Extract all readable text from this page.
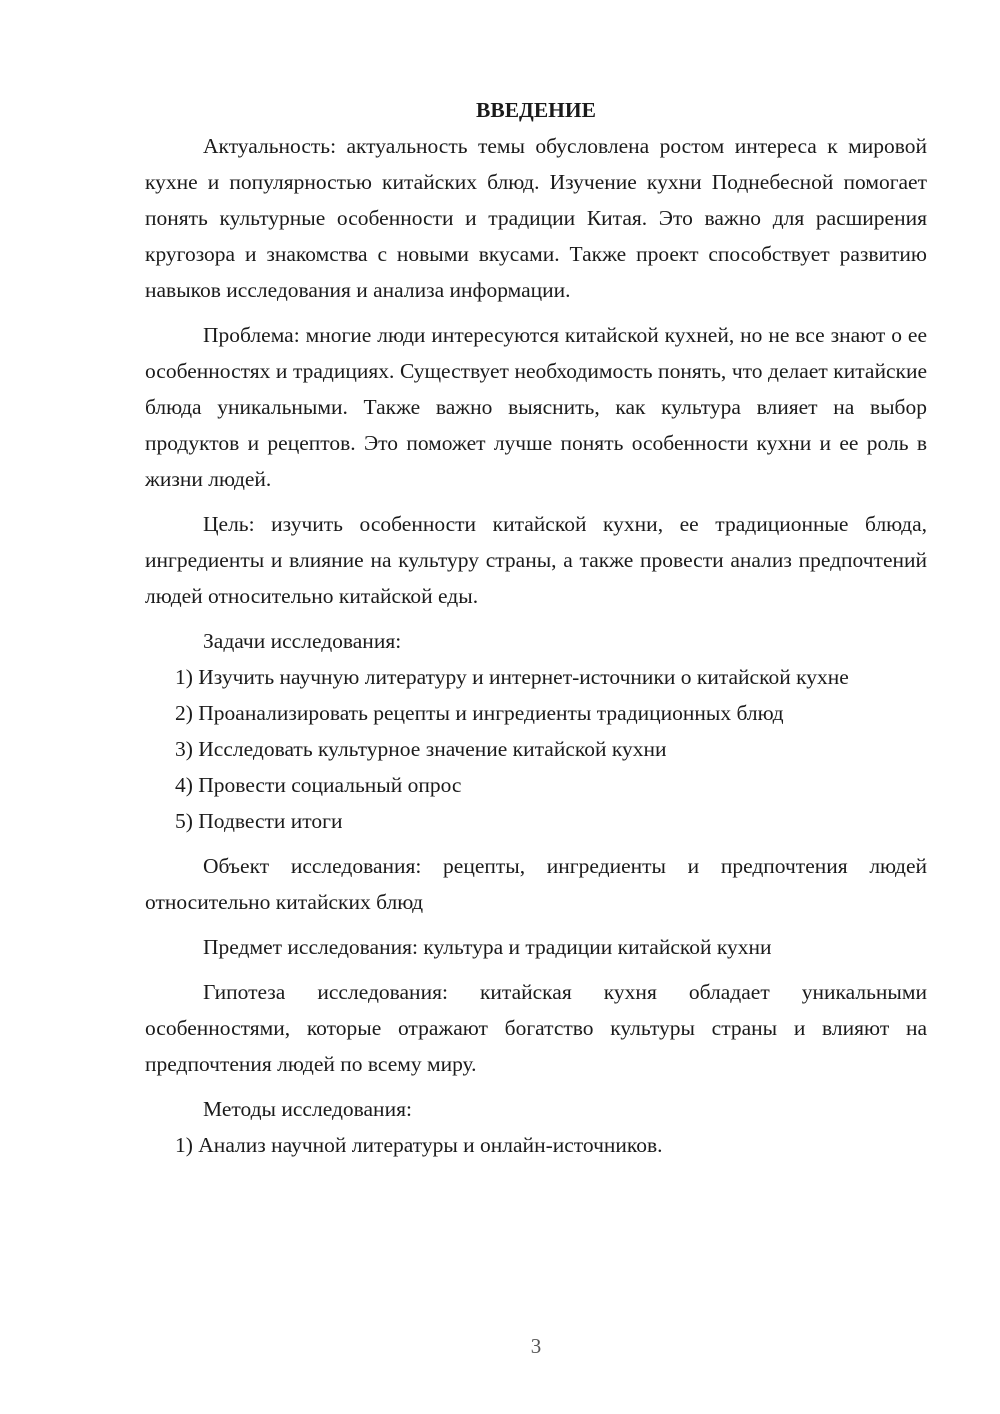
ВВЕДЕНИЕ

Актуальность: актуальность темы обусловлена ростом интереса к мировой кухне и популярностью китайских блюд. Изучение кухни Поднебесной помогает понять культурные особенности и традиции Китая. Это важно для расширения кругозора и знакомства с новыми вкусами. Также проект способствует развитию навыков исследования и анализа информации.

Проблема: многие люди интересуются китайской кухней, но не все знают о ее особенностях и традициях. Существует необходимость понять, что делает китайские блюда уникальными. Также важно выяснить, как культура влияет на выбор продуктов и рецептов. Это поможет лучше понять особенности кухни и ее роль в жизни людей.

Цель: изучить особенности китайской кухни, ее традиционные блюда, ингредиенты и влияние на культуру страны, а также провести анализ предпочтений людей относительно китайской еды.

Задачи исследования:

1) Изучить научную литературу и интернет-источники о китайской кухне

2) Проанализировать рецепты и ингредиенты традиционных блюд

3) Исследовать культурное значение китайской кухни

4) Провести социальный опрос

5) Подвести итоги

Объект исследования: рецепты, ингредиенты и предпочтения людей относительно китайских блюд

Предмет исследования: культура и традиции китайской кухни

Гипотеза исследования: китайская кухня обладает уникальными особенностями, которые отражают богатство культуры страны и влияют на предпочтения людей по всему миру.

Методы исследования:

1) Анализ научной литературы и онлайн-источников.

3
